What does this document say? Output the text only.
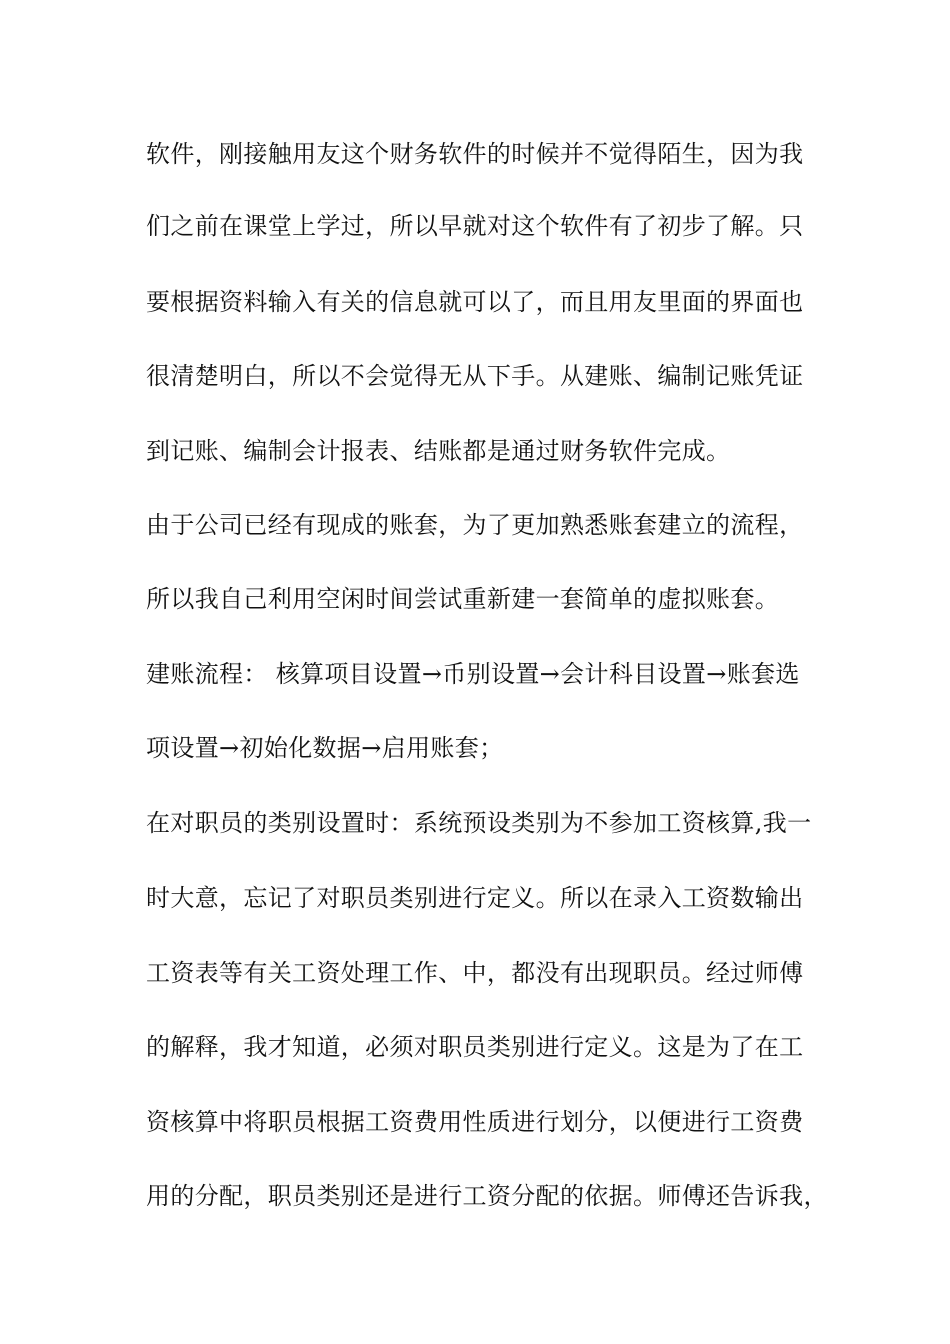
软件，刚接触用友这个财务软件的时候并不觉得陌生，因为我
们之前在课堂上学过，所以早就对这个软件有了初步了解。只
要根据资料输入有关的信息就可以了，而且用友里面的界面也
很清楚明白，所以不会觉得无从下手。从建账、编制记账凭证
到记账、编制会计报表、结账都是通过财务软件完成。
由于公司已经有现成的账套，为了更加熟悉账套建立的流程，
所以我自己利用空闲时间尝试重新建一套简单的虚拟账套。
建账流程： 核算项目设置→币别设置→会计科目设置→账套选
项设置→初始化数据→启用账套；
在对职员的类别设置时：系统预设类别为不参加工资核算,我一
时大意，忘记了对职员类别进行定义。所以在录入工资数输出
工资表等有关工资处理工作、中，都没有出现职员。经过师傅
的解释，我才知道，必须对职员类别进行定义。这是为了在工
资核算中将职员根据工资费用性质进行划分，以便进行工资费
用的分配，职员类别还是进行工资分配的依据。师傅还告诉我，
